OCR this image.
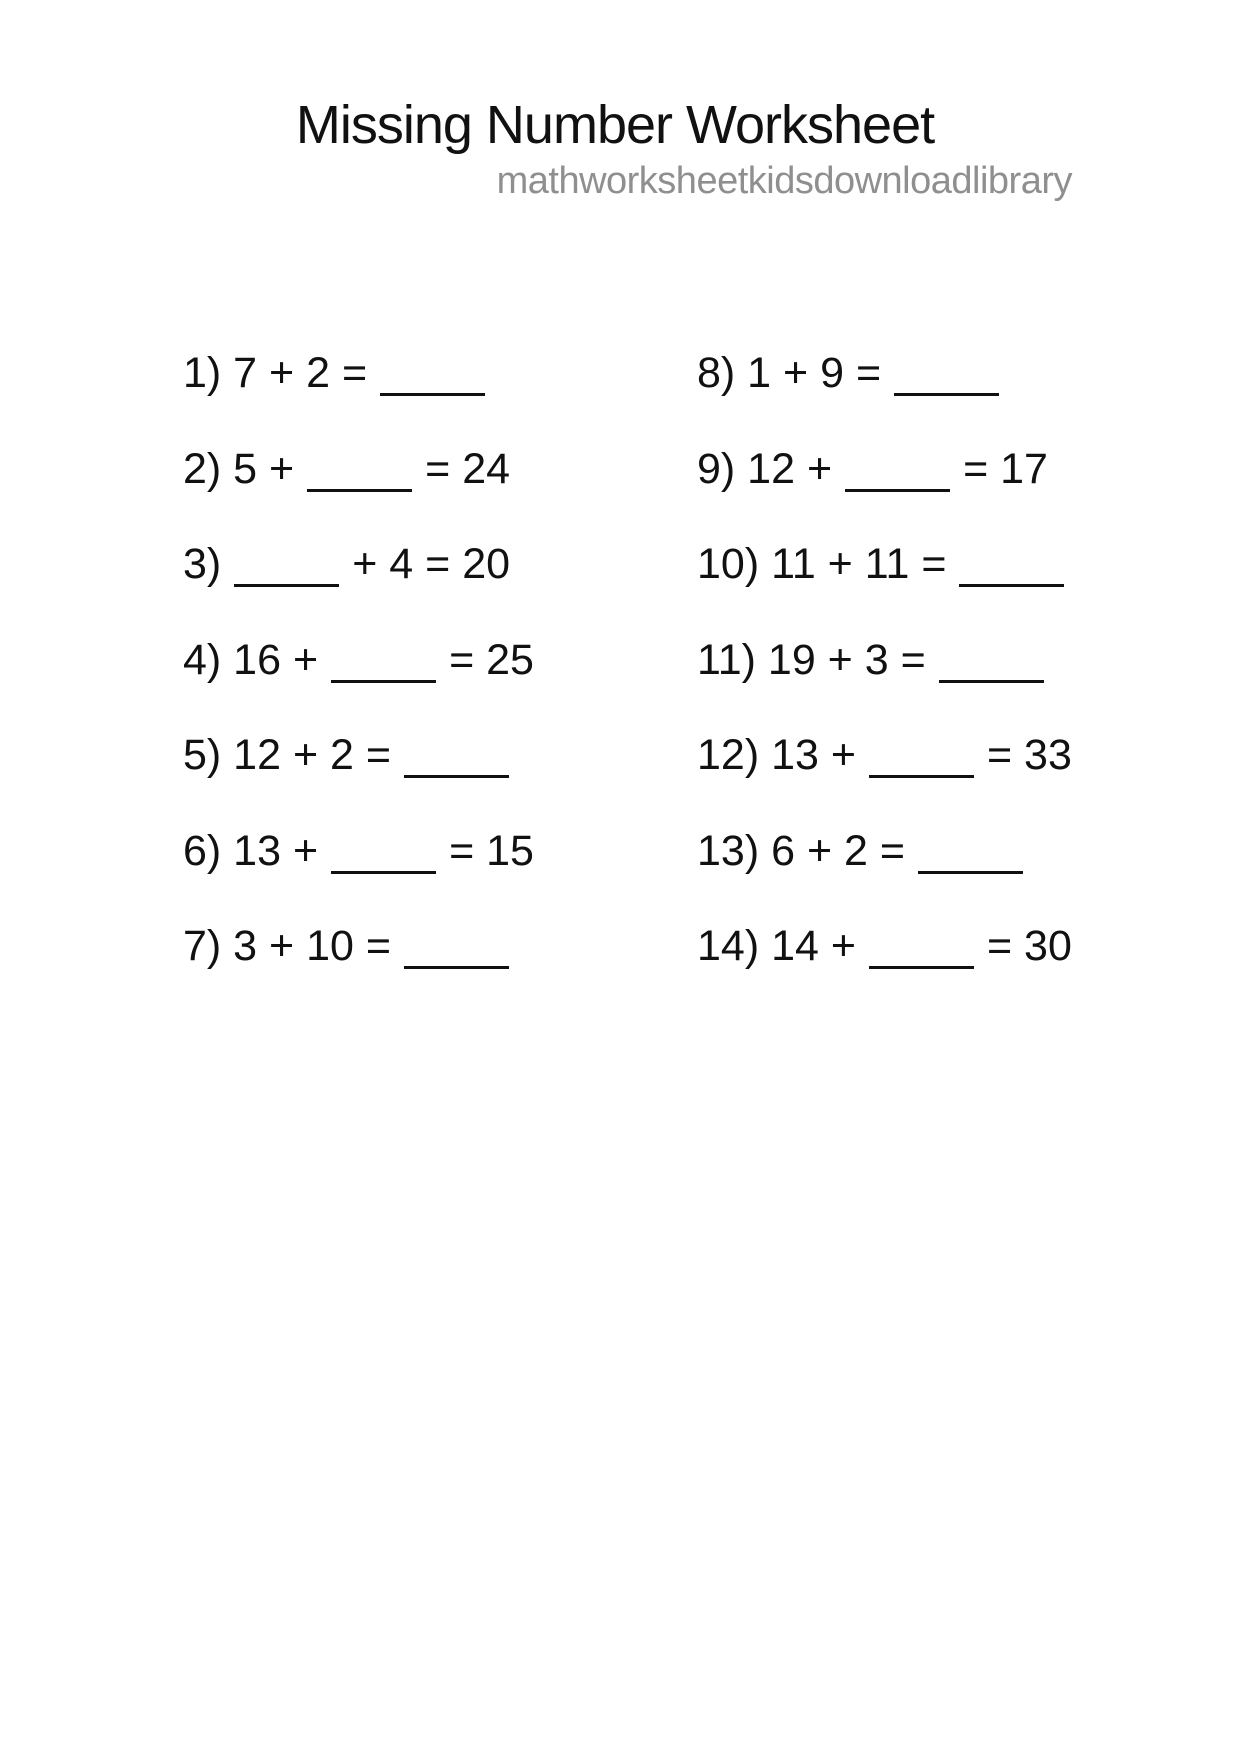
Missing Number Worksheet
mathworksheetkidsdownloadlibrary
1) 7 + 2 =
2) 5 +	= 24
3)	+ 4 = 20
4) 16 +	= 25
5) 12 + 2 =
6) 13 +	= 15
7) 3 + 10 =
8) 1 + 9 =
9) 12 +	= 17
10) 11 + 11 =
11) 19 + 3 =
12) 13 +	= 33
13) 6 + 2 =
14) 14 +	= 30
